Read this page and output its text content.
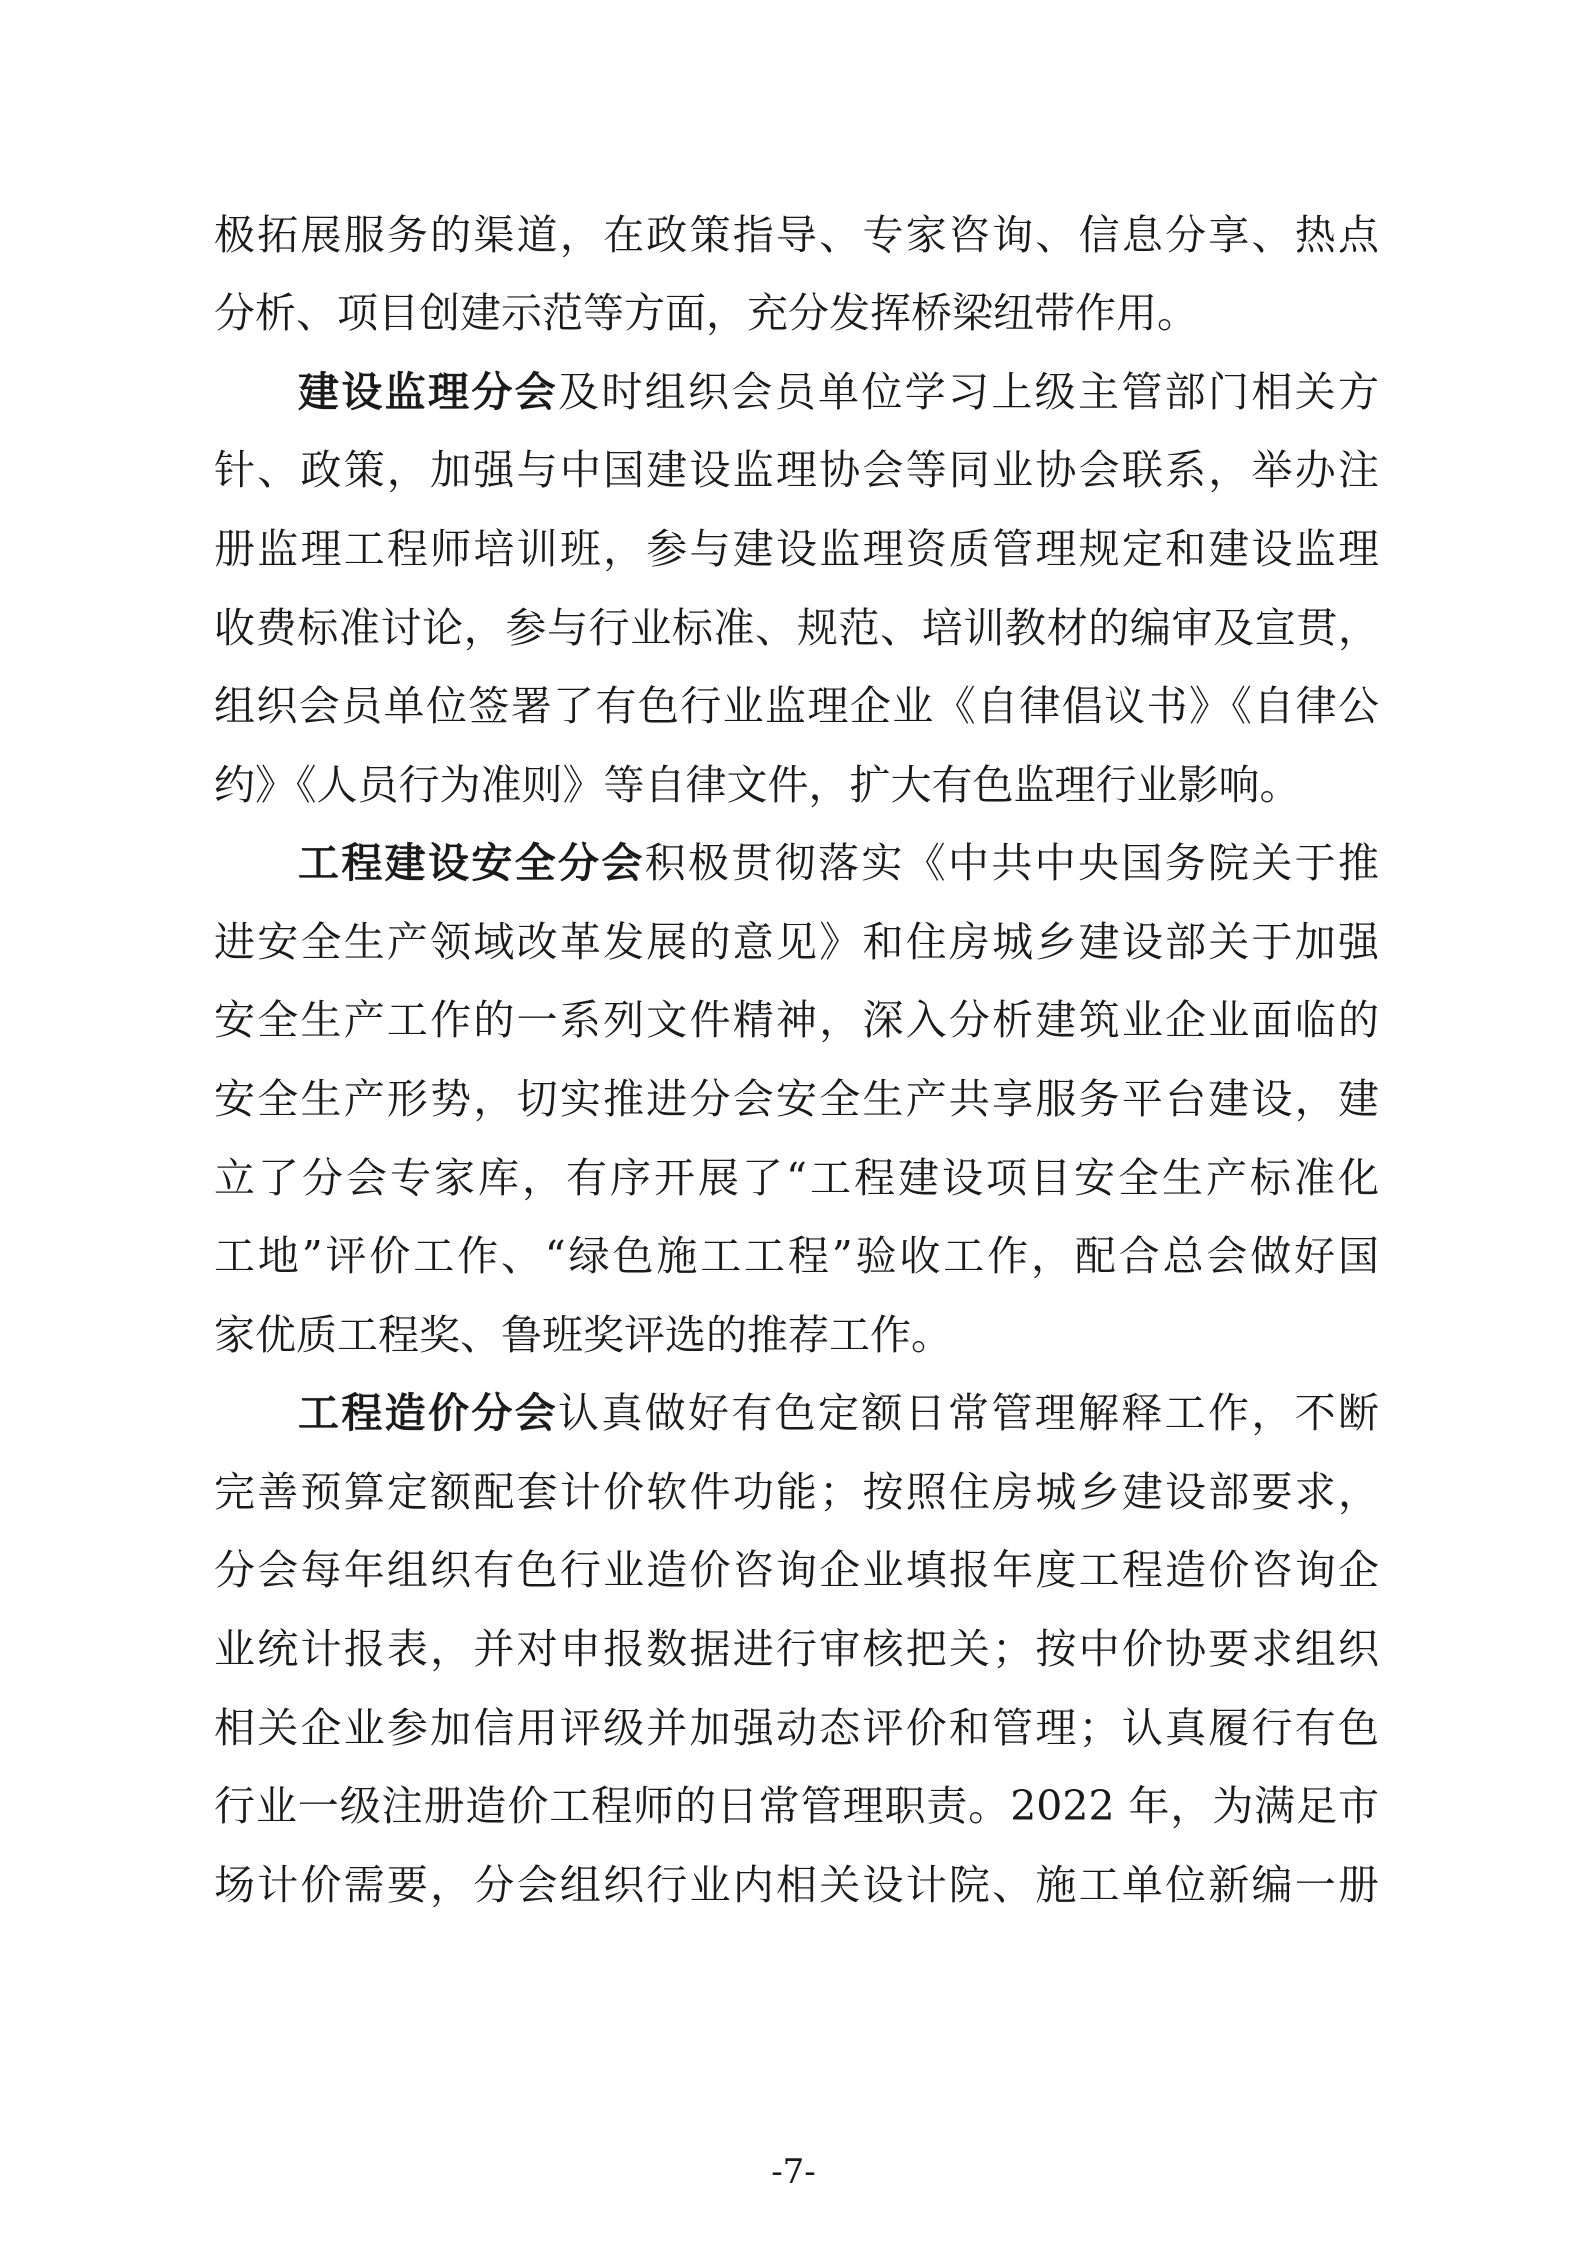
极拓展服务的渠道，在政策指导、专家咨询、信息分享、热点
分析、项目创建示范等方面，充分发挥桥梁纽带作用。
建设监理分会及时组织会员单位学习上级主管部门相关方
针、政策，加强与中国建设监理协会等同业协会联系，举办注
册监理工程师培训班，参与建设监理资质管理规定和建设监理
收费标准讨论，参与行业标准、规范、培训教材的编审及宣贯，
组织会员单位签署了有色行业监理企业《自律倡议书》《自律公
约》《人员行为准则》等自律文件，扩大有色监理行业影响。
工程建设安全分会积极贯彻落实《中共中央国务院关于推
进安全生产领域改革发展的意见》和住房城乡建设部关于加强
安全生产工作的一系列文件精神，深入分析建筑业企业面临的
安全生产形势，切实推进分会安全生产共享服务平台建设，建
立了分会专家库，有序开展了“工程建设项目安全生产标准化
工地”评价工作、“绿色施工工程”验收工作，配合总会做好国
家优质工程奖、鲁班奖评选的推荐工作。
工程造价分会认真做好有色定额日常管理解释工作，不断
完善预算定额配套计价软件功能；按照住房城乡建设部要求，
分会每年组织有色行业造价咨询企业填报年度工程造价咨询企
业统计报表，并对申报数据进行审核把关；按中价协要求组织
相关企业参加信用评级并加强动态评价和管理；认真履行有色
行业一级注册造价工程师的日常管理职责。2022 年，为满足市
场计价需要，分会组织行业内相关设计院、施工单位新编一册
-7-
